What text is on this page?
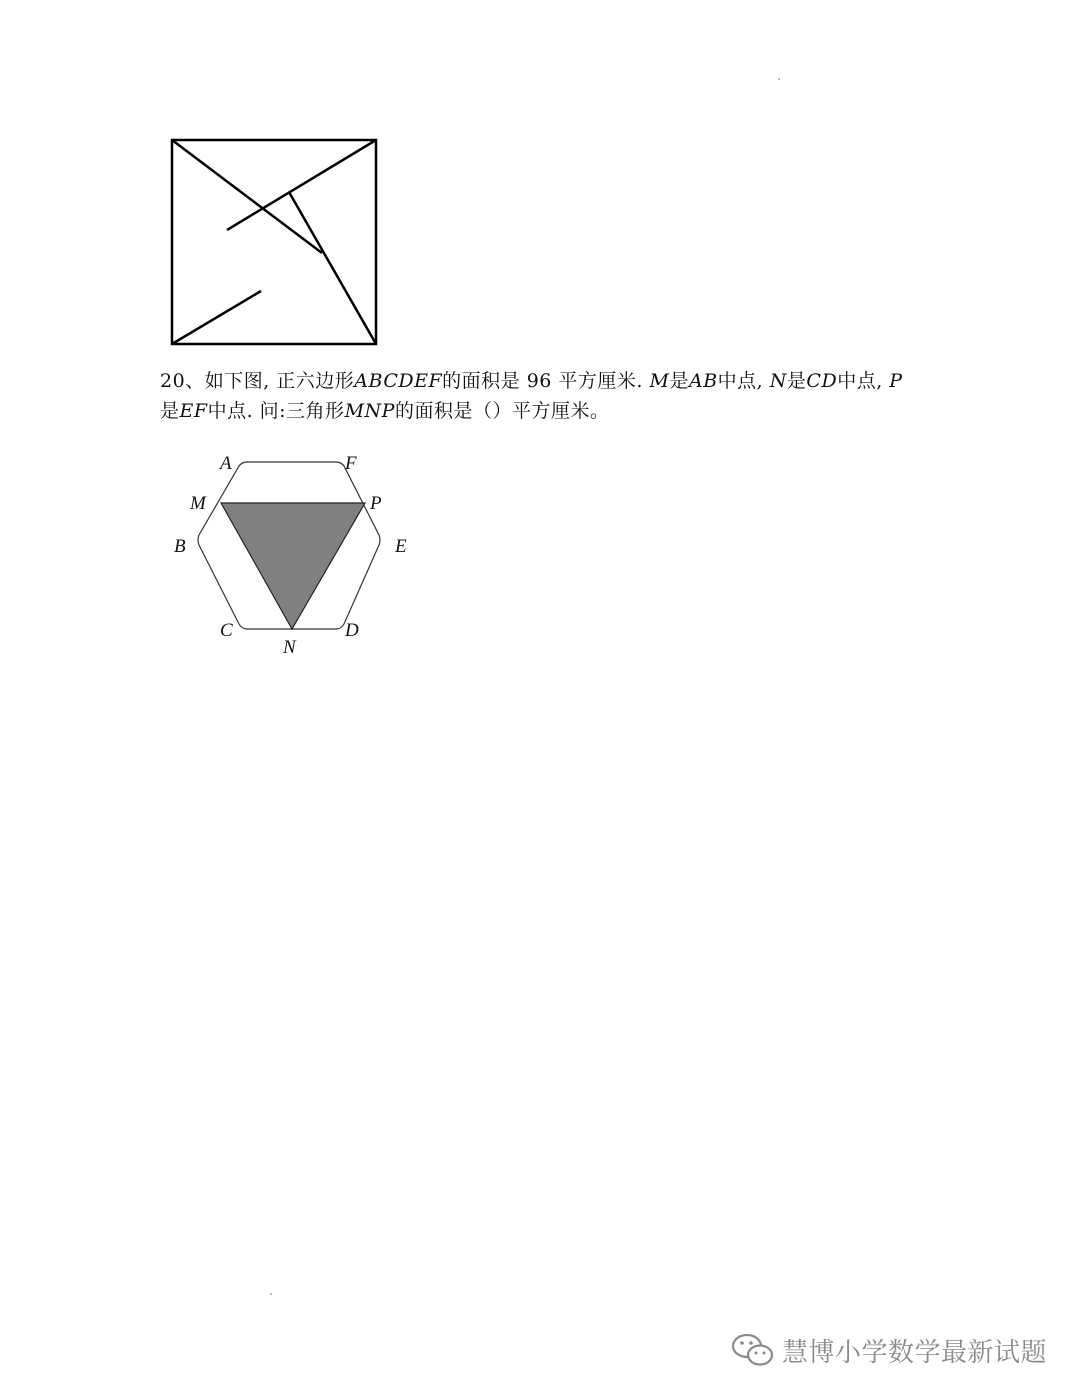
20、如下图, 正六边形ABCDEF的面积是 96 平方厘米. M是AB中点, N是CD中点, P
是EF中点. 问:三角形MNP的面积是（）平方厘米。
A	F
M	P
B	E
C	D
N
慧博小学数学最新试题
